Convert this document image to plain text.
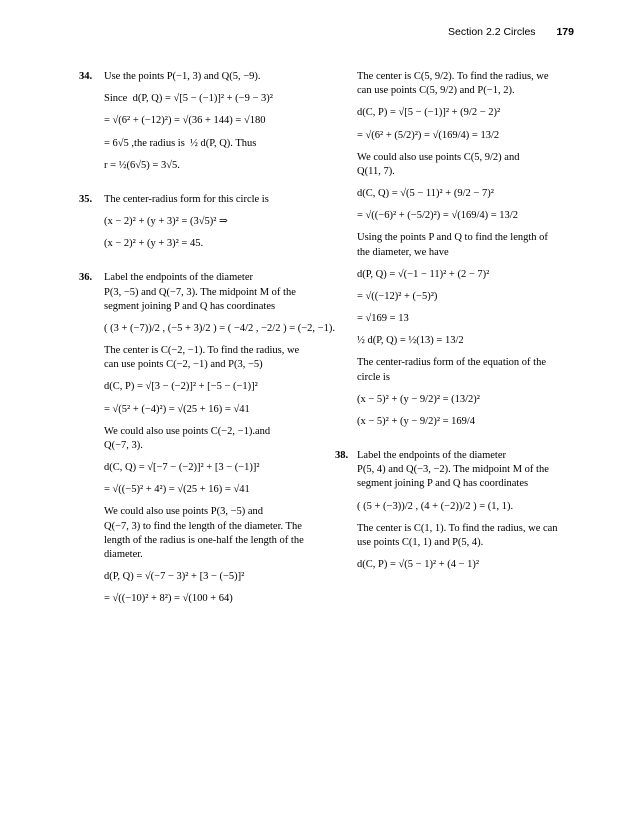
Section 2.2 Circles 179
34.	Use the points P(−1, 3) and Q(5, −9).
Since  d(P, Q) = √[5 − (−1)]² + (−9 − 3)²
= √(6² + (−12)²) = √(36 + 144) = √180
= 6√5 ,the radius is  ½ d(P, Q). Thus
r = ½(6√5) = 3√5.
35.	The center-radius form for this circle is
(x − 2)² + (y + 3)² = (3√5)² ⇒
(x − 2)² + (y + 3)² = 45.
36.	Label the endpoints of the diameter
P(3, −5) and Q(−7, 3). The midpoint M of the
segment joining P and Q has coordinates
( (3 + (−7))/2 , (−5 + 3)/2 ) = ( −4/2 , −2/2 ) = (−2, −1).
The center is C(−2, −1). To find the radius, we
can use points C(−2, −1) and P(3, −5)
d(C, P) = √[3 − (−2)]² + [−5 − (−1)]²
= √(5² + (−4)²) = √(25 + 16) = √41
We could also use points C(−2, −1).and
Q(−7, 3).
d(C, Q) = √[−7 − (−2)]² + [3 − (−1)]²
= √((−5)² + 4²) = √(25 + 16) = √41
We could also use points P(3, −5) and
Q(−7, 3) to find the length of the diameter. The
length of the radius is one-half the length of the
diameter.
d(P, Q) = √(−7 − 3)² + [3 − (−5)]²
= √((−10)² + 8²) = √(100 + 64)
The center is C(5, 9/2). To find the radius, we
can use points C(5, 9/2) and P(−1, 2).
d(C, P) = √[5 − (−1)]² + (9/2 − 2)²
= √(6² + (5/2)²) = √(169/4) = 13/2
We could also use points C(5, 9/2) and
Q(11, 7).
d(C, Q) = √(5 − 11)² + (9/2 − 7)²
= √((−6)² + (−5/2)²) = √(169/4) = 13/2
Using the points P and Q to find the length of
the diameter, we have
d(P, Q) = √(−1 − 11)² + (2 − 7)²
= √((−12)² + (−5)²)
= √169 = 13
½ d(P, Q) = ½(13) = 13/2
The center-radius form of the equation of the
circle is
(x − 5)² + (y − 9/2)² = (13/2)²
(x − 5)² + (y − 9/2)² = 169/4
38. Label the endpoints of the diameter
P(5, 4) and Q(−3, −2). The midpoint M of the
segment joining P and Q has coordinates
( (5 + (−3))/2 , (4 + (−2))/2 ) = (1, 1).
The center is C(1, 1). To find the radius, we can
use points C(1, 1) and P(5, 4).
d(C, P) = √(5 − 1)² + (4 − 1)²
